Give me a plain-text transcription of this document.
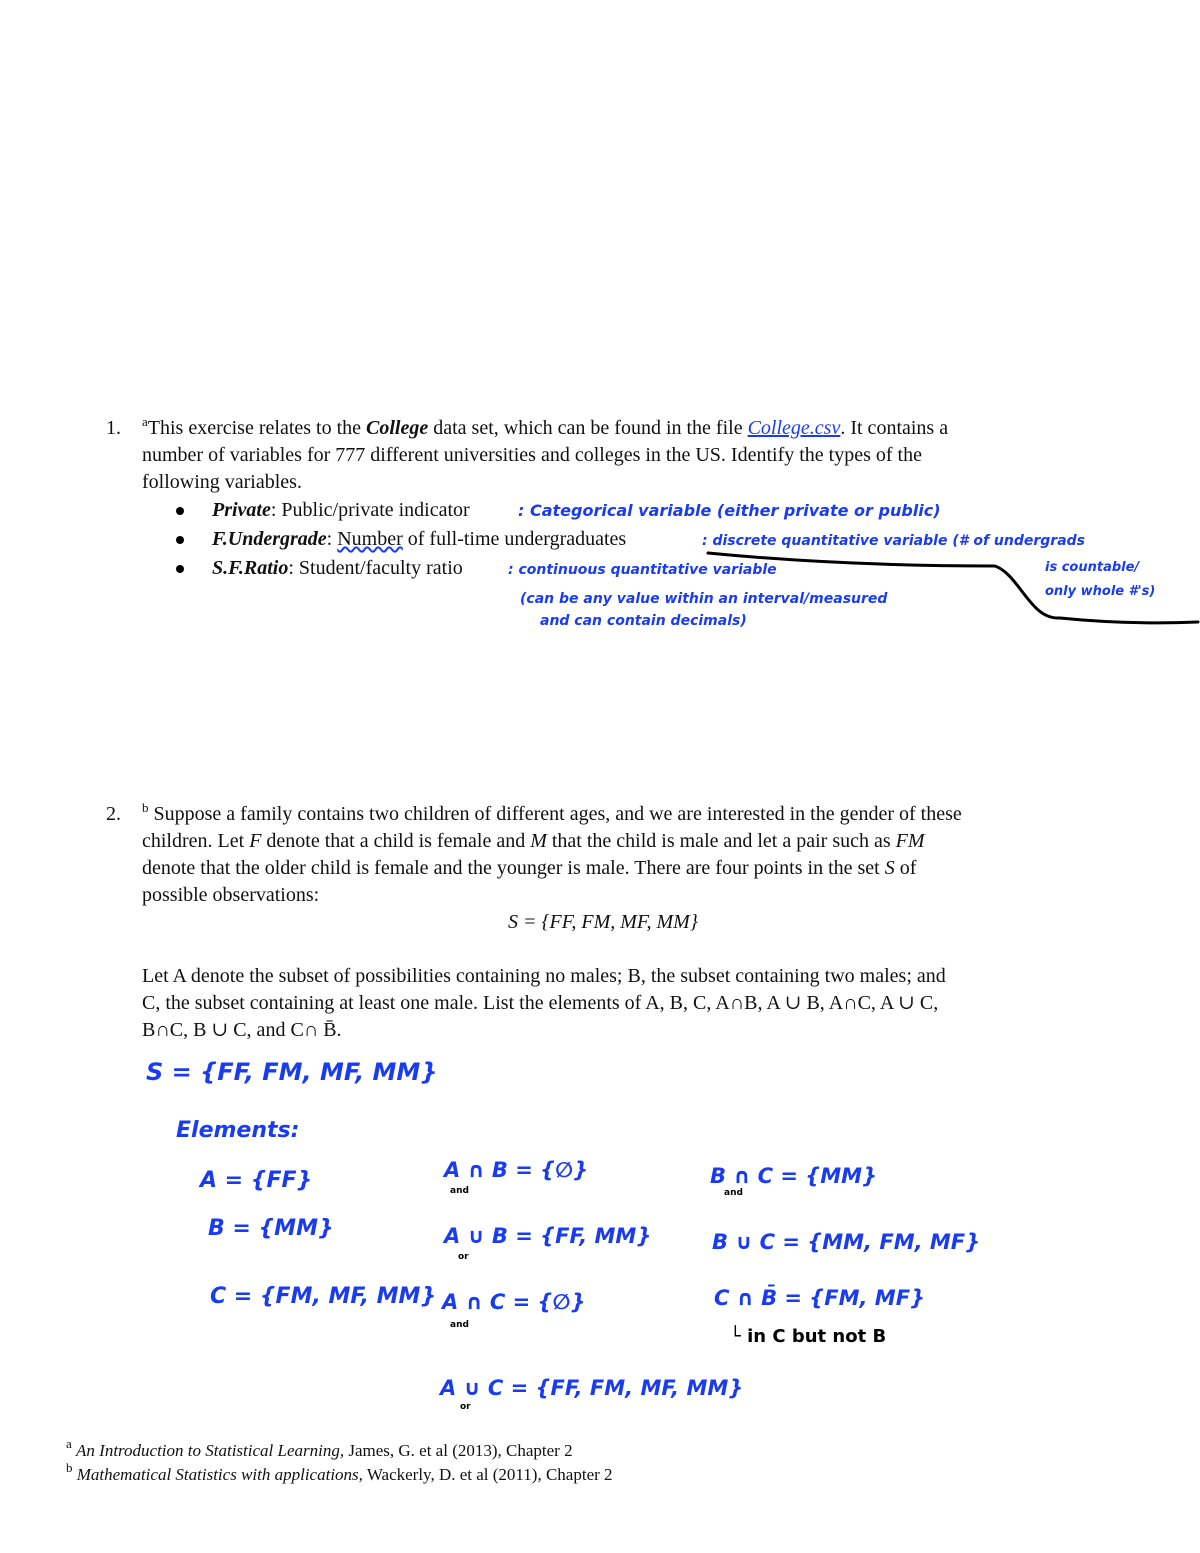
1. $^a$This exercise relates to the College data set, which can be found in the file College.csv. It contains a
number of variables for 777 different universities and colleges in the US. Identify the types of the
following variables.
Private: Public/private indicator
F.Undergrade: Number of full-time undergraduates
S.F.Ratio: Student/faculty ratio
: Categorical variable (either private or public)
: discrete quantitative variable (# of undergrads
is countable/
only whole #'s)
: continuous quantitative variable
(can be any value within an interval/measured
and can contain decimals)
2. $^b$ Suppose a family contains two children of different ages, and we are interested in the gender of these
children. Let F denote that a child is female and M that the child is male and let a pair such as FM
denote that the older child is female and the younger is male. There are four points in the set S of
possible observations:
S = {FF, FM, MF, MM}
Let A denote the subset of possibilities containing no males; B, the subset containing two males; and
C, the subset containing at least one male. List the elements of A, B, C, A∩B, A ∪ B, A∩C, A ∪ C,
B∩C, B ∪ C, and C∩ B̄.
S = {FF, FM, MF, MM}
Elements:
A = {FF}
B = {MM}
C = {FM, MF, MM}
A ∩ B = {∅}
and
A ∪ B = {FF, MM}
or
A ∩ C = {∅}
and
A ∪ C = {FF, FM, MF, MM}
or
B ∩ C = {MM}
and
B ∪ C = {MM, FM, MF}
C ∩ B̄ = {FM, MF}
└ in C but not B
$^a$ An Introduction to Statistical Learning, James, G. et al (2013), Chapter 2
$^b$ Mathematical Statistics with applications, Wackerly, D. et al (2011), Chapter 2
